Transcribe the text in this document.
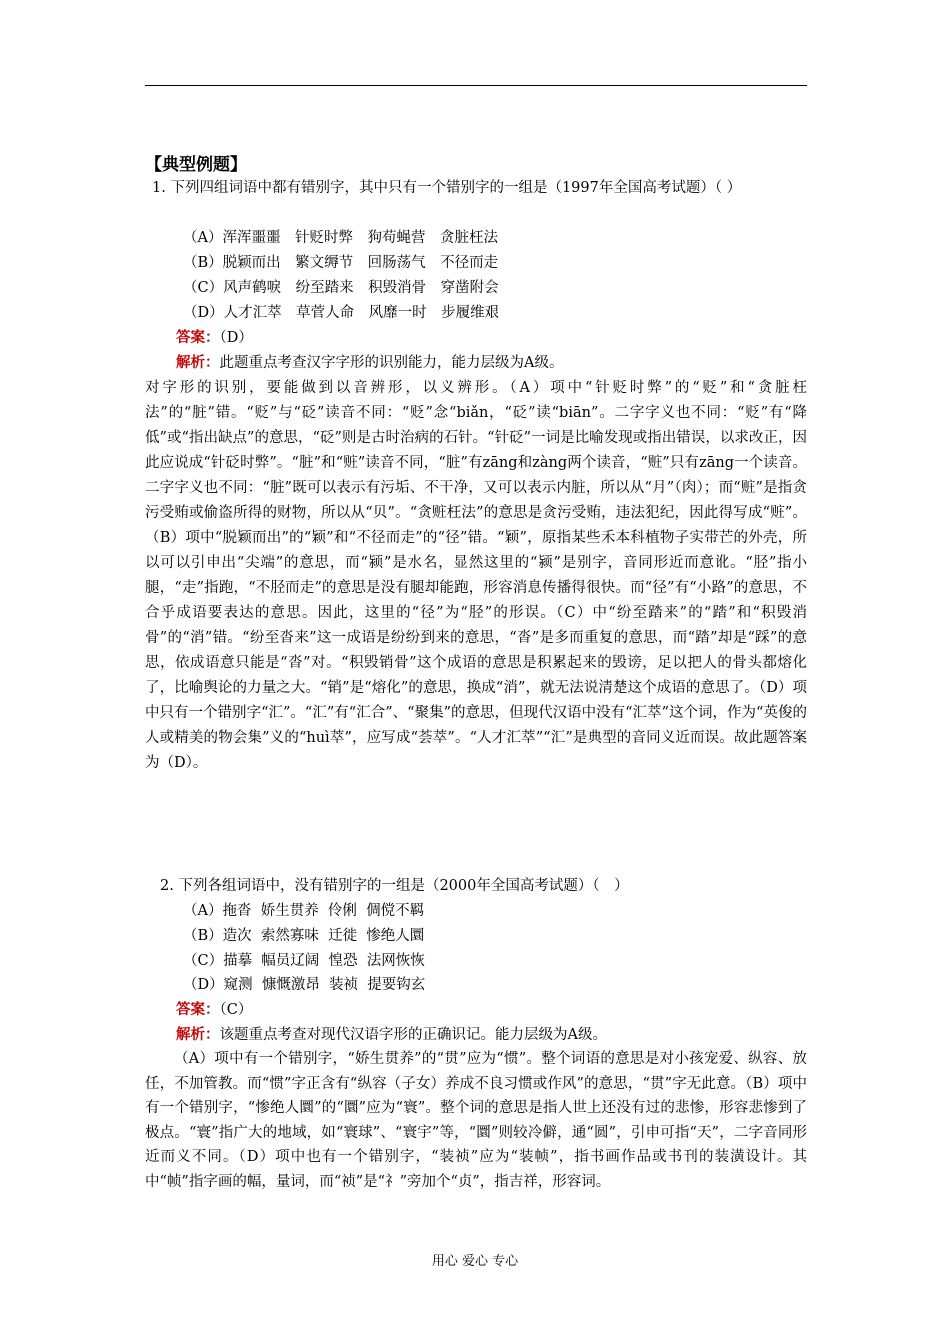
【典型例题】
1. 下列四组词语中都有错别字，其中只有一个错别字的一组是（1997年全国高考试题）（ ）
（A）浑浑噩噩　针贬时弊　狗苟蝇营　贪脏枉法
（B）脱颖而出　繁文缛节　回肠荡气　不径而走
（C）风声鹤唳　纷至踏来　积毁消骨　穿凿附会
（D）人才汇萃　草菅人命　风靡一时　步履维艰
答案：（D）
解析：此题重点考查汉字字形的识别能力，能力层级为A级。
对字形的识别，要能做到以音辨形，以义辨形。（A）项中“针贬时弊”的“贬”和“贪脏枉法”的“脏”错。“贬”与“砭”读音不同：“贬”念“biǎn，“砭”读“biān”。二字字义也不同：“贬”有“降低”或“指出缺点”的意思，“砭”则是古时治病的石针。“针砭”一词是比喻发现或指出错误，以求改正，因此应说成“针砭时弊”。“脏”和“赃”读音不同，“脏”有zāng和zàng两个读音，“赃”只有zāng一个读音。二字字义也不同：“脏”既可以表示有污垢、不干净，又可以表示内脏，所以从“月”（肉）；而“赃”是指贪污受贿或偷盗所得的财物，所以从“贝”。“贪赃枉法”的意思是贪污受贿，违法犯纪，因此得写成“赃”。（B）项中“脱颖而出”的“颖”和“不径而走”的“径”错。“颖”，原指某些禾本科植物子实带芒的外壳，所以可以引申出“尖端”的意思，而“颍”是水名，显然这里的“颍”是别字，音同形近而意讹。“胫”指小腿，“走”指跑，“不胫而走”的意思是没有腿却能跑，形容消息传播得很快。而“径”有“小路”的意思，不合乎成语要表达的意思。因此，这里的“径”为“胫”的形误。（C）中“纷至踏来”的“踏”和“积毁消骨”的“消”错。“纷至沓来”这一成语是纷纷到来的意思，“沓”是多而重复的意思，而“踏”却是“踩”的意思，依成语意只能是“沓”对。“积毁销骨”这个成语的意思是积累起来的毁谤，足以把人的骨头都熔化了，比喻舆论的力量之大。“销”是“熔化”的意思，换成“消”，就无法说清楚这个成语的意思了。（D）项中只有一个错别字“汇”。“汇”有“汇合”、“聚集”的意思，但现代汉语中没有“汇萃”这个词，作为“英俊的人或精美的物会集”义的“huì萃”，应写成“荟萃”。“人才汇萃”“汇”是典型的音同义近而误。故此题答案为（D）。
2. 下列各组词语中，没有错别字的一组是（2000年全国高考试题）（　）
（A）拖沓  娇生贯养  伶俐  倜傥不羁
（B）造次  索然寡味  迁徙  惨绝人圜
（C）描摹  幅员辽阔  惶恐  法网恢恢
（D）窥测  慷慨激昂  装祯  提要钩玄
答案：（C）
解析：该题重点考查对现代汉语字形的正确识记。能力层级为A级。
（A）项中有一个错别字，“娇生贯养”的“贯”应为“惯”。整个词语的意思是对小孩宠爱、纵容、放任，不加管教。而“惯”字正含有“纵容（子女）养成不良习惯或作风”的意思，“贯”字无此意。（B）项中有一个错别字，“惨绝人圜”的“圜”应为“寰”。整个词的意思是指人世上还没有过的悲惨，形容悲惨到了极点。“寰”指广大的地域，如“寰球”、“寰宇”等，“圜”则较冷僻，通“圆”，引申可指“天”，二字音同形近而义不同。（D）项中也有一个错别字，“装祯”应为“装帧”，指书画作品或书刊的装潢设计。其中“帧”指字画的幅，量词，而“祯”是“礻”旁加个“贞”，指吉祥，形容词。
用心 爱心 专心
